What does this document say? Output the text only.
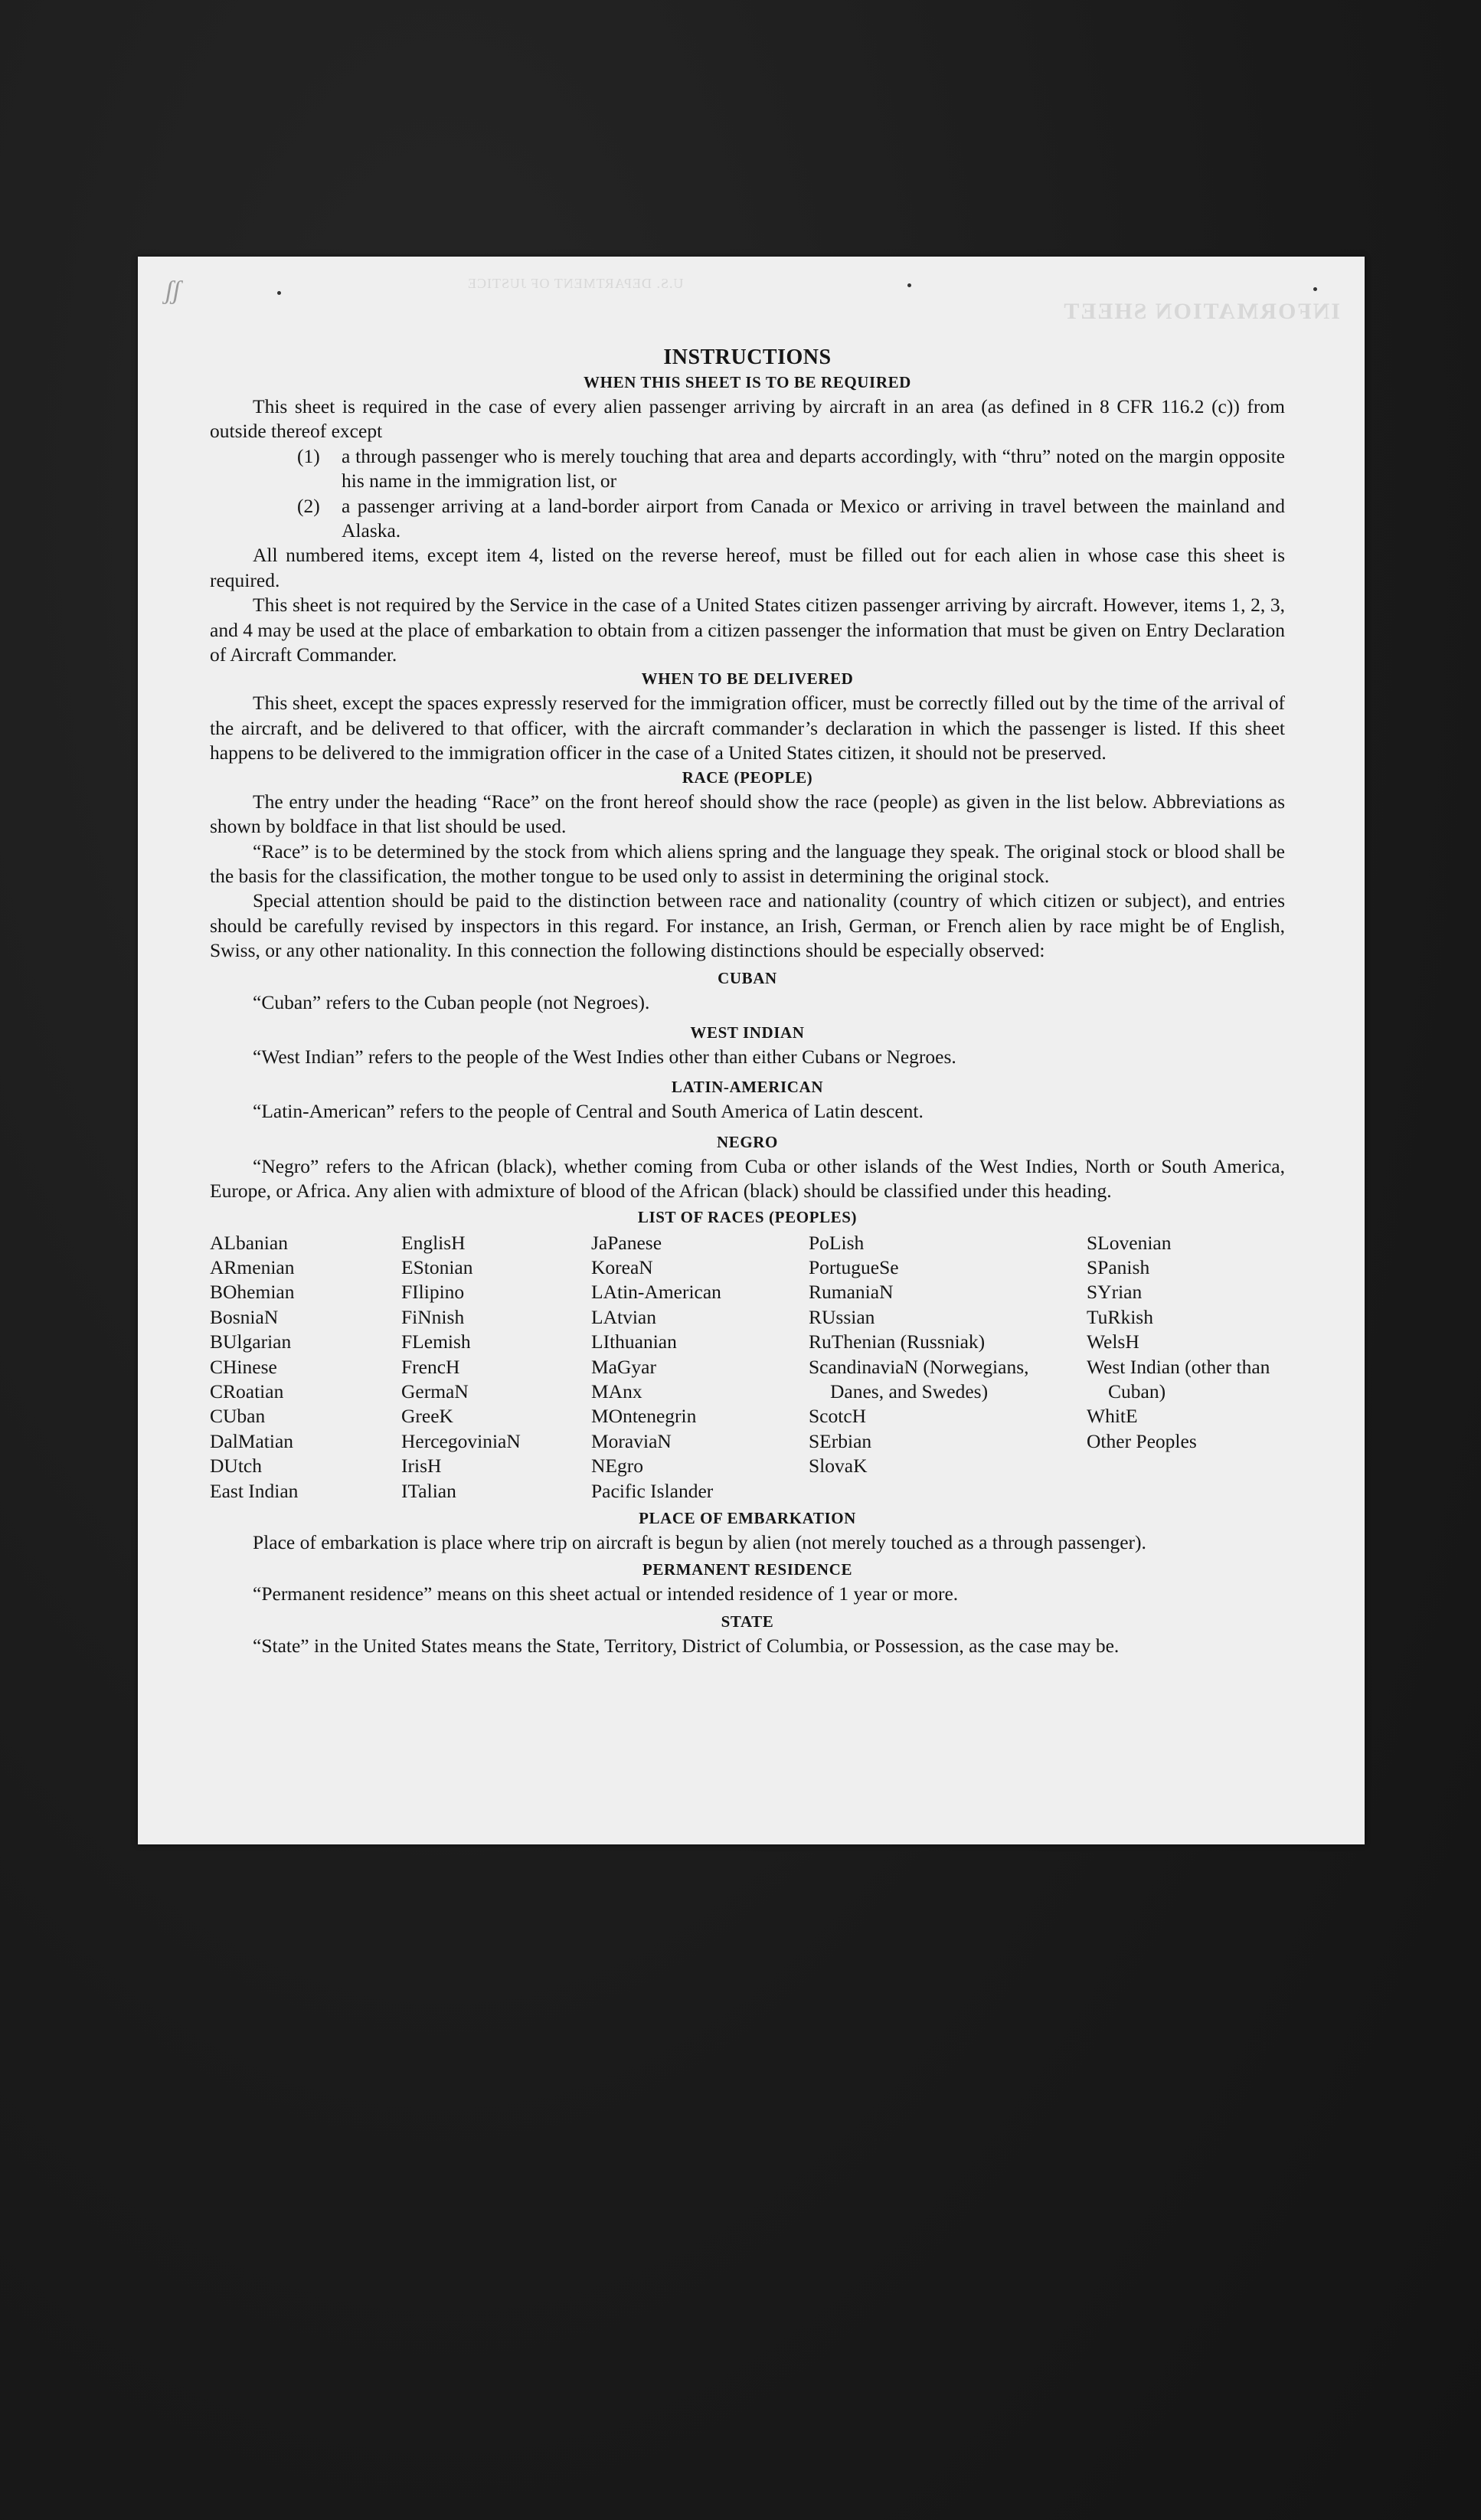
ʃʃ	U.S. DEPARTMENT OF JUSTICE
INFORMATION SHEET
INSTRUCTIONS
WHEN THIS SHEET IS TO BE REQUIRED

This sheet is required in the case of every alien passenger arriving by aircraft in an area (as defined in 8 CFR 116.2 (c)) from outside thereof except

(1) a through passenger who is merely touching that area and departs accordingly, with “thru” noted on the margin opposite his name in the immigration list, or

(2) a passenger arriving at a land-border airport from Canada or Mexico or arriving in travel between the mainland and Alaska.

All numbered items, except item 4, listed on the reverse hereof, must be filled out for each alien in whose case this sheet is required.

This sheet is not required by the Service in the case of a United States citizen passenger arriving by aircraft. However, items 1, 2, 3, and 4 may be used at the place of embarkation to obtain from a citizen passenger the information that must be given on Entry Declaration of Aircraft Commander.

WHEN TO BE DELIVERED

This sheet, except the spaces expressly reserved for the immigration officer, must be correctly filled out by the time of the arrival of the aircraft, and be delivered to that officer, with the aircraft commander’s declaration in which the passenger is listed. If this sheet happens to be delivered to the immigration officer in the case of a United States citizen, it should not be preserved.

RACE (PEOPLE)

The entry under the heading “Race” on the front hereof should show the race (people) as given in the list below. Abbreviations as shown by boldface in that list should be used.

“Race” is to be determined by the stock from which aliens spring and the language they speak. The original stock or blood shall be the basis for the classification, the mother tongue to be used only to assist in determining the original stock.

Special attention should be paid to the distinction between race and nationality (country of which citizen or subject), and entries should be carefully revised by inspectors in this regard. For instance, an Irish, German, or French alien by race might be of English, Swiss, or any other nationality. In this connection the following distinctions should be especially observed:

CUBAN

“Cuban” refers to the Cuban people (not Negroes).

WEST INDIAN

“West Indian” refers to the people of the West Indies other than either Cubans or Negroes.

LATIN-AMERICAN

“Latin-American” refers to the people of Central and South America of Latin descent.

NEGRO

“Negro” refers to the African (black), whether coming from Cuba or other islands of the West Indies, North or South America, Europe, or Africa. Any alien with admixture of blood of the African (black) should be classified under this heading.

LIST OF RACES (PEOPLES)
ALbanian
ARmenian
BOhemian
BosniaN
BUlgarian
CHinese
CRoatian
CUban
DalMatian
DUtch
East Indian
EnglisH
EStonian
FIlipino
FiNnish
FLemish
FrencH
GermaN
GreeK
HercegoviniaN
IrisH
ITalian
JaPanese
KoreaN
LAtin-American
LAtvian
LIthuanian
MaGyar
MAnx
MOntenegrin
MoraviaN
NEgro
Pacific Islander
PoLish
PortugueSe
RumaniaN
RUssian
RuThenian (Russniak)
ScandinaviaN (Norwegians, Danes, and Swedes)
ScotcH
SErbian
SlovaK
SLovenian
SPanish
SYrian
TuRkish
WelsH
West Indian (other than Cuban)
WhitE
Other Peoples
PLACE OF EMBARKATION

Place of embarkation is place where trip on aircraft is begun by alien (not merely touched as a through passenger).

PERMANENT RESIDENCE

“Permanent residence” means on this sheet actual or intended residence of 1 year or more.

STATE

“State” in the United States means the State, Territory, District of Columbia, or Possession, as the case may be.
